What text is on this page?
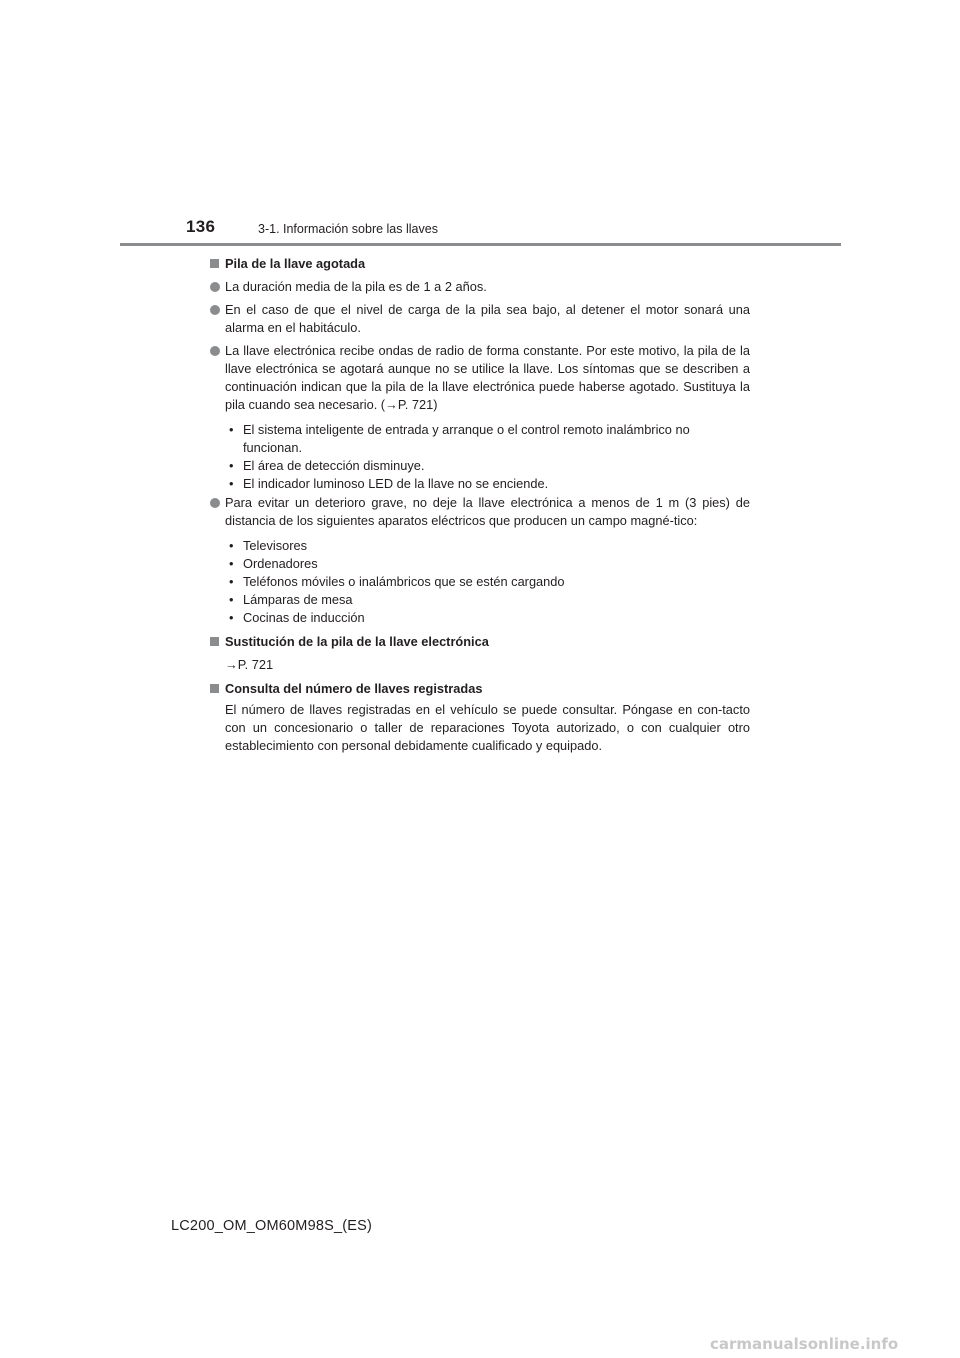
136	3-1. Información sobre las llaves
Pila de la llave agotada
La duración media de la pila es de 1 a 2 años.
En el caso de que el nivel de carga de la pila sea bajo, al detener el motor sonará una alarma en el habitáculo.
La llave electrónica recibe ondas de radio de forma constante. Por este motivo, la pila de la llave electrónica se agotará aunque no se utilice la llave. Los síntomas que se describen a continuación indican que la pila de la llave electrónica puede haberse agotado. Sustituya la pila cuando sea necesario. (→P. 721)
• El sistema inteligente de entrada y arranque o el control remoto inalámbrico no funcionan.
• El área de detección disminuye.
• El indicador luminoso LED de la llave no se enciende.
Para evitar un deterioro grave, no deje la llave electrónica a menos de 1 m (3 pies) de distancia de los siguientes aparatos eléctricos que producen un campo magné-tico:
• Televisores
• Ordenadores
• Teléfonos móviles o inalámbricos que se estén cargando
• Lámparas de mesa
• Cocinas de inducción
Sustitución de la pila de la llave electrónica
→P. 721
Consulta del número de llaves registradas
El número de llaves registradas en el vehículo se puede consultar. Póngase en con-tacto con un concesionario o taller de reparaciones Toyota autorizado, o con cualquier otro establecimiento con personal debidamente cualificado y equipado.
LC200_OM_OM60M98S_(ES)
carmanualsonline.info
